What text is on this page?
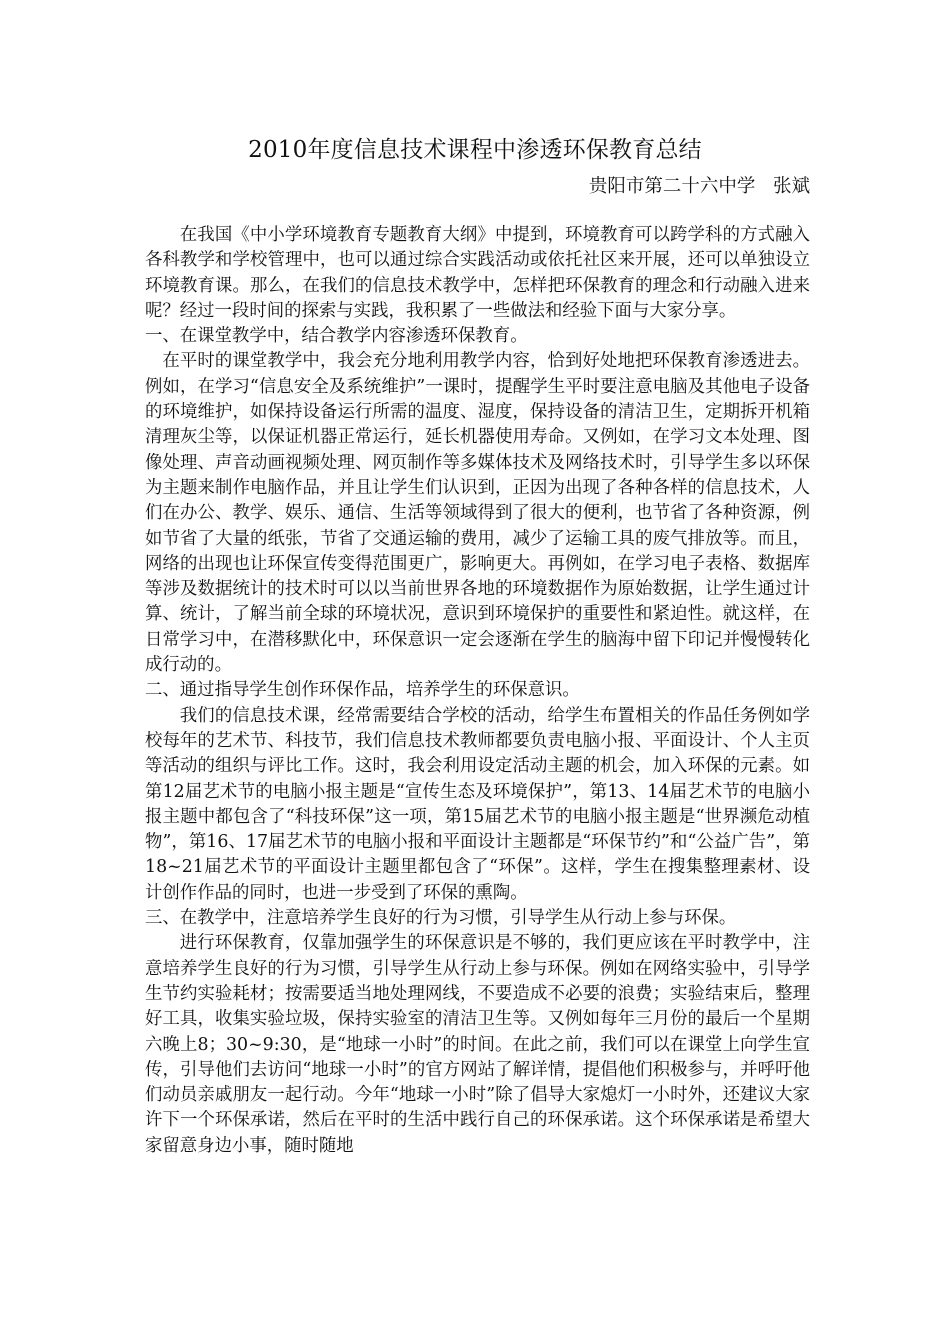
2010年度信息技术课程中渗透环保教育总结
贵阳市第二十六中学   张斌

在我国《中小学环境教育专题教育大纲》中提到，环境教育可以跨学科的方式融入各科教学和学校管理中，也可以通过综合实践活动或依托社区来开展，还可以单独设立环境教育课。那么，在我们的信息技术教学中，怎样把环保教育的理念和行动融入进来呢？经过一段时间的探索与实践，我积累了一些做法和经验下面与大家分享。

一、在课堂教学中，结合教学内容渗透环保教育。

在平时的课堂教学中，我会充分地利用教学内容，恰到好处地把环保教育渗透进去。例如，在学习“信息安全及系统维护”一课时，提醒学生平时要注意电脑及其他电子设备的环境维护，如保持设备运行所需的温度、湿度，保持设备的清洁卫生，定期拆开机箱清理灰尘等，以保证机器正常运行，延长机器使用寿命。又例如，在学习文本处理、图像处理、声音动画视频处理、网页制作等多媒体技术及网络技术时，引导学生多以环保为主题来制作电脑作品，并且让学生们认识到，正因为出现了各种各样的信息技术，人们在办公、教学、娱乐、通信、生活等领域得到了很大的便利，也节省了各种资源，例如节省了大量的纸张，节省了交通运输的费用，减少了运输工具的废气排放等。而且，网络的出现也让环保宣传变得范围更广，影响更大。再例如，在学习电子表格、数据库等涉及数据统计的技术时可以以当前世界各地的环境数据作为原始数据，让学生通过计算、统计，了解当前全球的环境状况，意识到环境保护的重要性和紧迫性。就这样，在日常学习中，在潜移默化中，环保意识一定会逐渐在学生的脑海中留下印记并慢慢转化成行动的。

二、通过指导学生创作环保作品，培养学生的环保意识。

我们的信息技术课，经常需要结合学校的活动，给学生布置相关的作品任务例如学校每年的艺术节、科技节，我们信息技术教师都要负责电脑小报、平面设计、个人主页等活动的组织与评比工作。这时，我会利用设定活动主题的机会，加入环保的元素。如第12届艺术节的电脑小报主题是“宣传生态及环境保护”，第13、14届艺术节的电脑小报主题中都包含了“科技环保”这一项，第15届艺术节的电脑小报主题是“世界濒危动植物”，第16、17届艺术节的电脑小报和平面设计主题都是“环保节约”和“公益广告”，第18~21届艺术节的平面设计主题里都包含了“环保”。这样，学生在搜集整理素材、设计创作作品的同时，也进一步受到了环保的熏陶。

三、在教学中，注意培养学生良好的行为习惯，引导学生从行动上参与环保。

进行环保教育，仅靠加强学生的环保意识是不够的，我们更应该在平时教学中，注意培养学生良好的行为习惯，引导学生从行动上参与环保。例如在网络实验中，引导学生节约实验耗材；按需要适当地处理网线，不要造成不必要的浪费；实验结束后，整理好工具，收集实验垃圾，保持实验室的清洁卫生等。又例如每年三月份的最后一个星期六晚上8；30~9:30，是“地球一小时”的时间。在此之前，我们可以在课堂上向学生宣传，引导他们去访问“地球一小时”的官方网站了解详情，提倡他们积极参与，并呼吁他们动员亲戚朋友一起行动。今年“地球一小时”除了倡导大家熄灯一小时外，还建议大家许下一个环保承诺，然后在平时的生活中践行自己的环保承诺。这个环保承诺是希望大家留意身边小事，随时随地
